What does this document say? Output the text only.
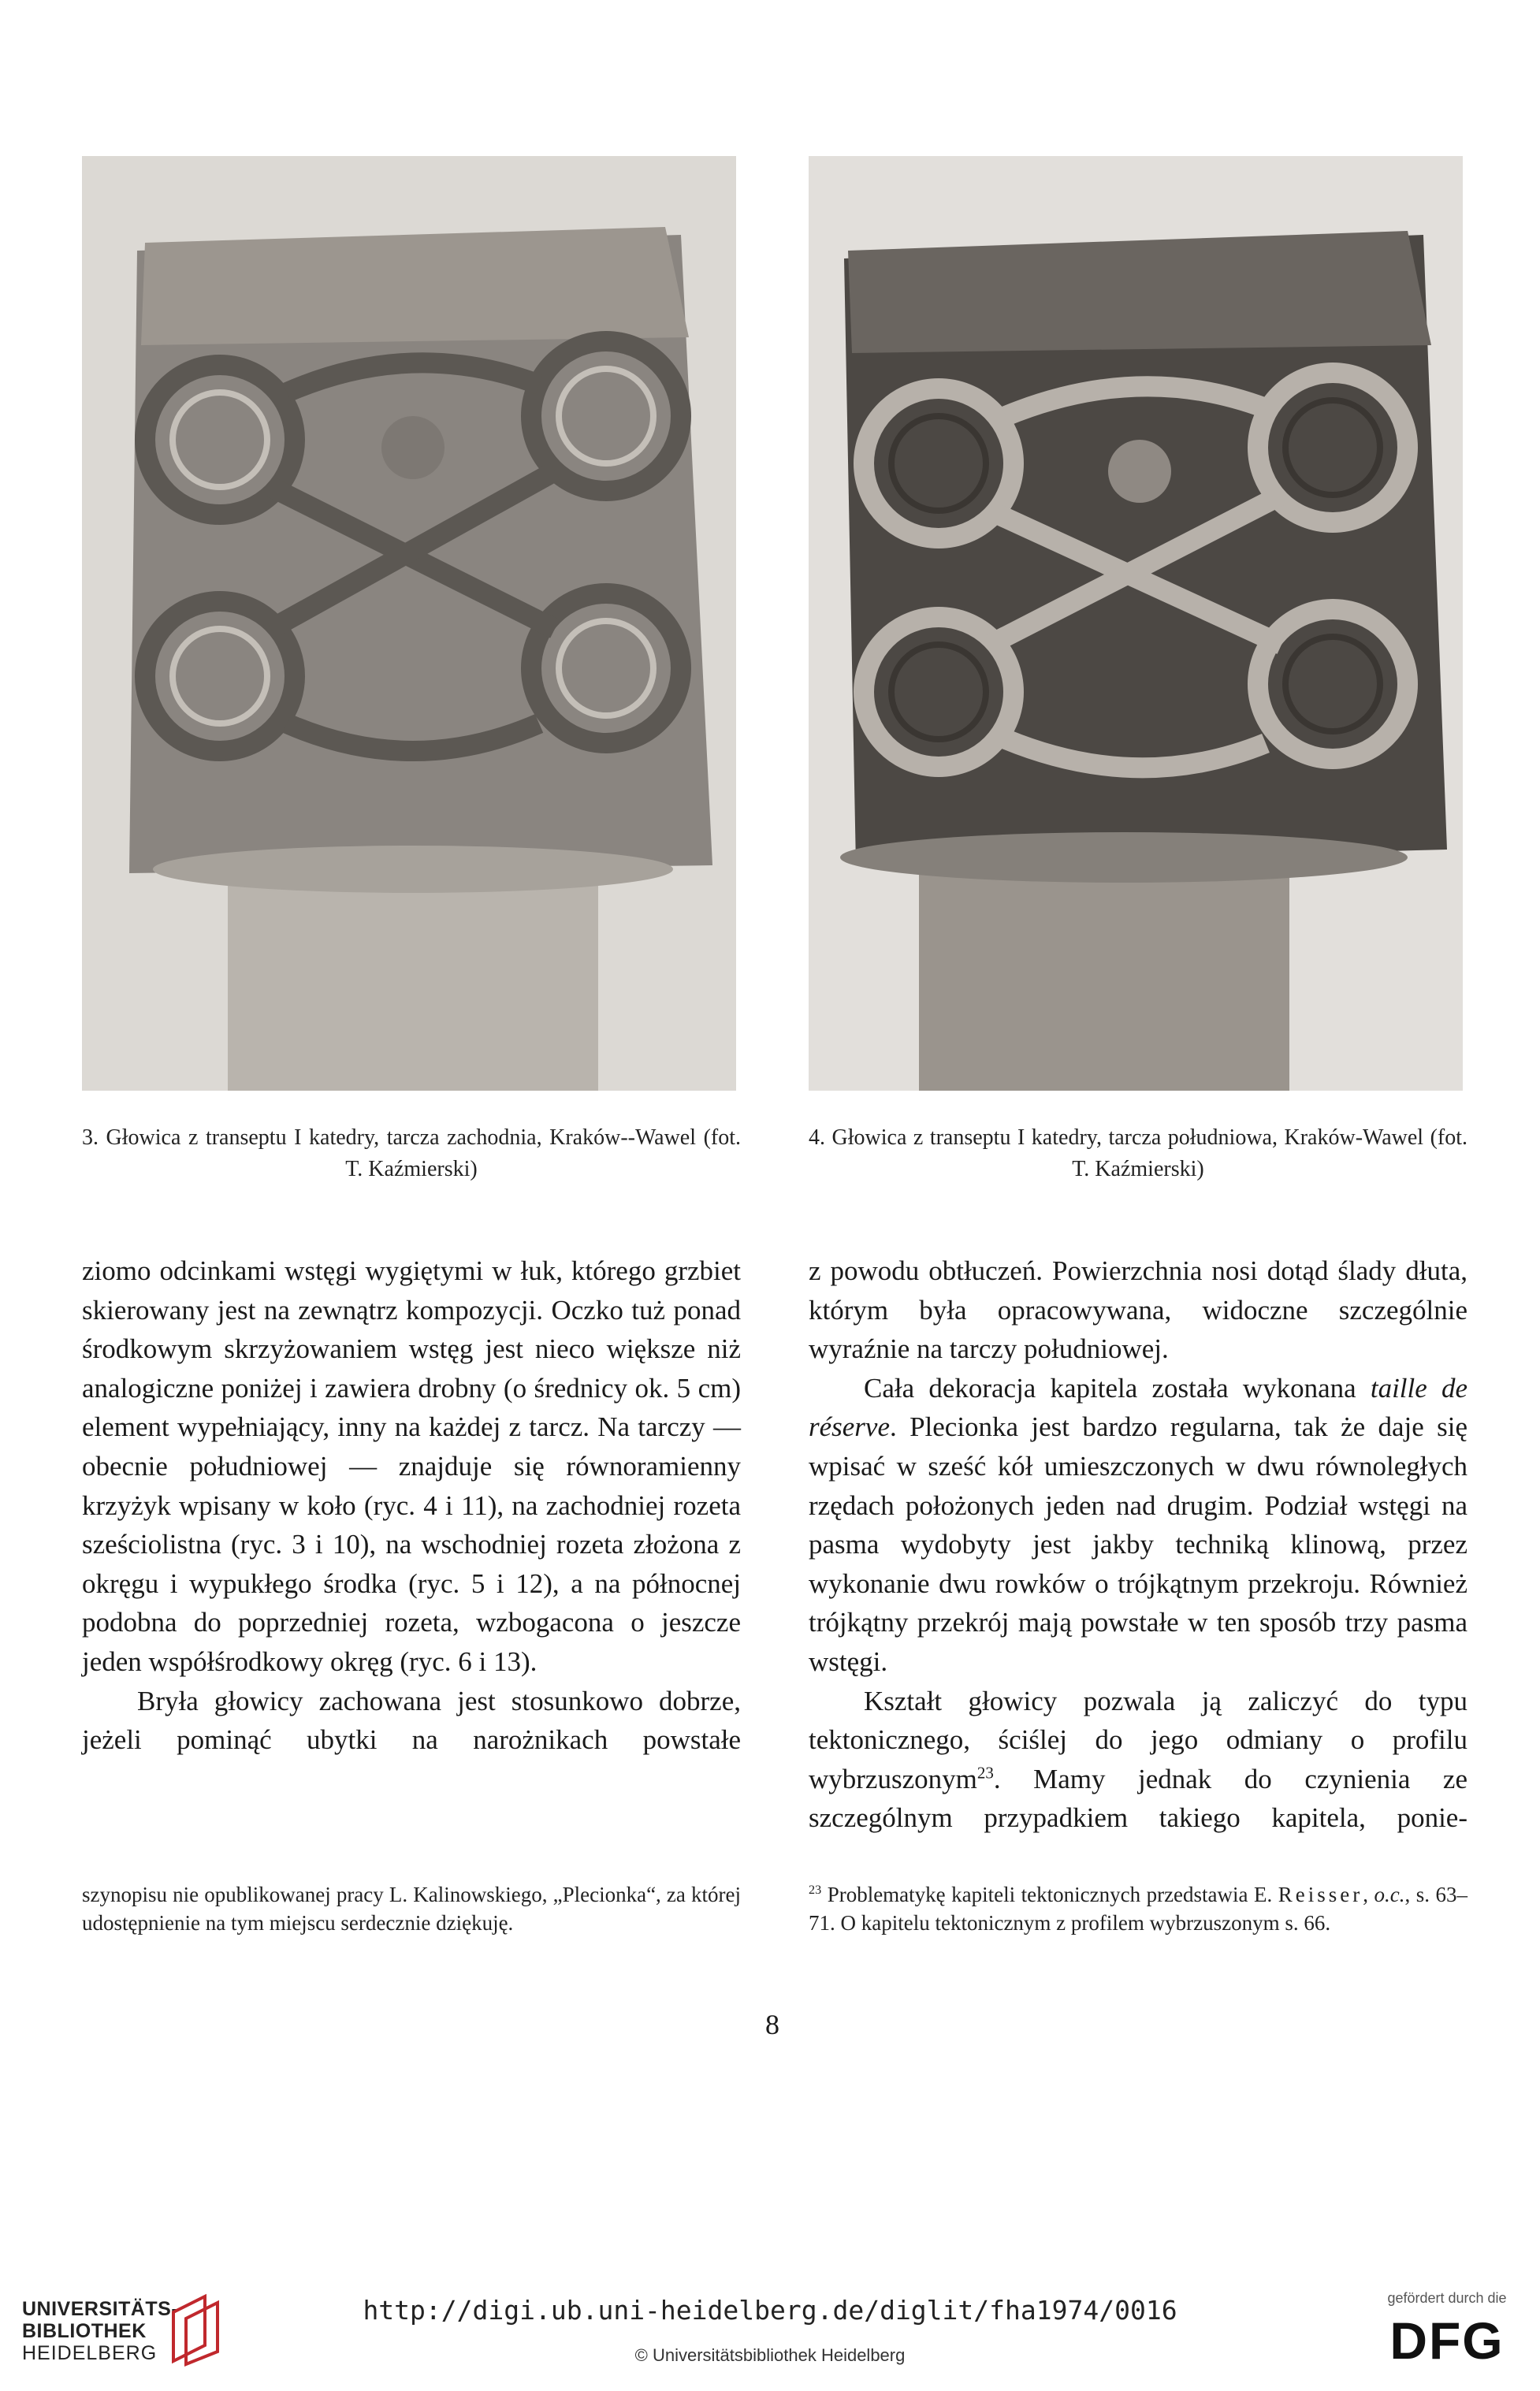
3. Głowica z transeptu I katedry, tarcza zachodnia, Kraków--Wawel (fot. T. Kaźmierski)
4. Głowica z transeptu I katedry, tarcza południowa, Kraków-Wawel (fot. T. Kaźmierski)

ziomo odcinkami wstęgi wygiętymi w łuk, którego grzbiet skierowany jest na zewnątrz kompozycji. Oczko tuż ponad środkowym skrzyżowaniem wstęg jest nieco większe niż analogiczne poniżej i zawiera drobny (o średnicy ok. 5 cm) element wypełniający, inny na każdej z tarcz. Na tarczy — obecnie południowej — znajduje się równoramienny krzyżyk wpisany w koło (ryc. 4 i 11), na zachodniej rozeta sześciolistna (ryc. 3 i 10), na wschodniej rozeta złożona z okręgu i wypukłego środka (ryc. 5 i 12), a na północnej podobna do poprzedniej rozeta, wzbogacona o jeszcze jeden współśrodkowy okręg (ryc. 6 i 13).

Bryła głowicy zachowana jest stosunkowo dobrze, jeżeli pominąć ubytki na narożnikach powstałe

z powodu obtłuczeń. Powierzchnia nosi dotąd ślady dłuta, którym była opracowywana, widoczne szczególnie wyraźnie na tarczy południowej.

Cała dekoracja kapitela została wykonana taille de réserve. Plecionka jest bardzo regularna, tak że daje się wpisać w sześć kół umieszczonych w dwu równoległych rzędach położonych jeden nad drugim. Podział wstęgi na pasma wydobyty jest jakby techniką klinową, przez wykonanie dwu rowków o trójkątnym przekroju. Również trójkątny przekrój mają powstałe w ten sposób trzy pasma wstęgi.

Kształt głowicy pozwala ją zaliczyć do typu tektonicznego, ściślej do jego odmiany o profilu wybrzuszonym$^{23}$. Mamy jednak do czynienia ze szczególnym przypadkiem takiego kapitela, ponie-

szynopisu nie opublikowanej pracy L. Kalinowskiego, „Plecionka“, za której udostępnienie na tym miejscu serdecznie dziękuję.
$^{23}$ Problematykę kapiteli tektonicznych przedstawia E. Reisser, o.c., s. 63–71. O kapitelu tektonicznym z profilem wybrzuszonym s. 66.
8
UNIVERSITÄTS-
BIBLIOTHEK
HEIDELBERG
http://digi.ub.uni-heidelberg.de/diglit/fha1974/0016
© Universitätsbibliothek Heidelberg
gefördert durch die
DFG
